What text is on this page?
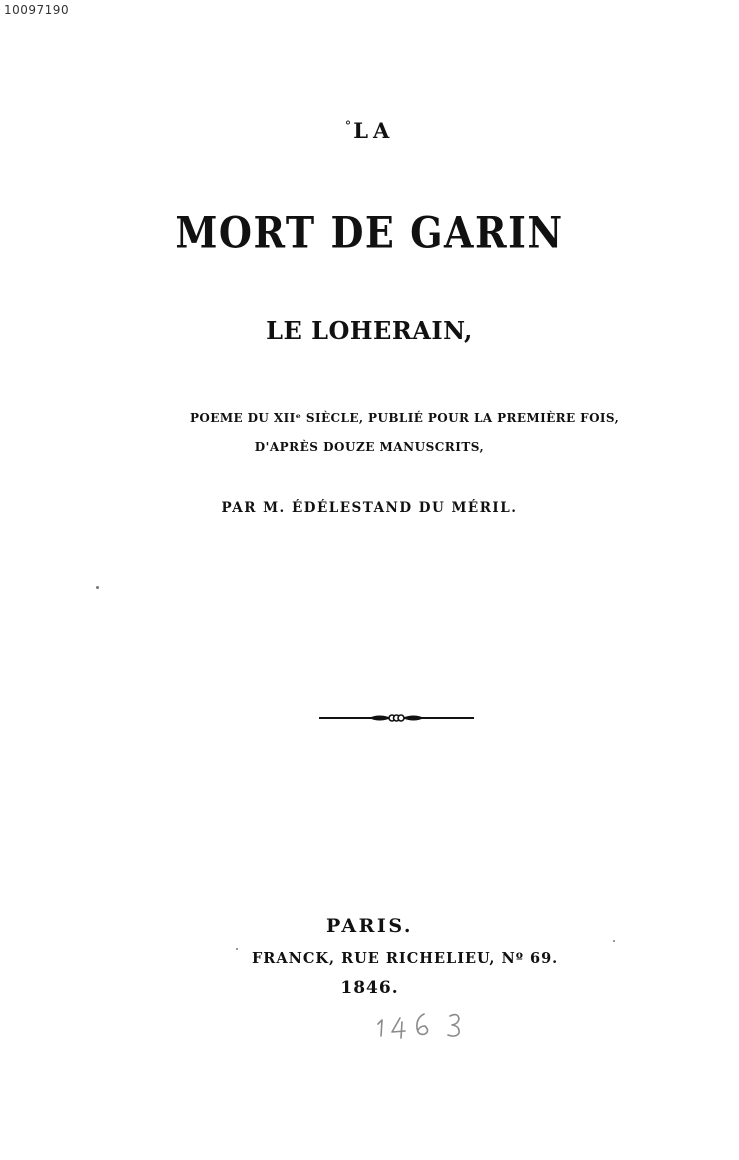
10097190
°LA
MORT DE GARIN
LE LOHERAIN,
POEME DU XIIᵉ SIÈCLE, PUBLIÉ POUR LA PREMIÈRE FOIS,
D'APRÈS DOUZE MANUSCRITS,
PAR M. ÉDÉLESTAND DU MÉRIL.
PARIS.
FRANCK, RUE RICHELIEU, Nº 69.
1846.
